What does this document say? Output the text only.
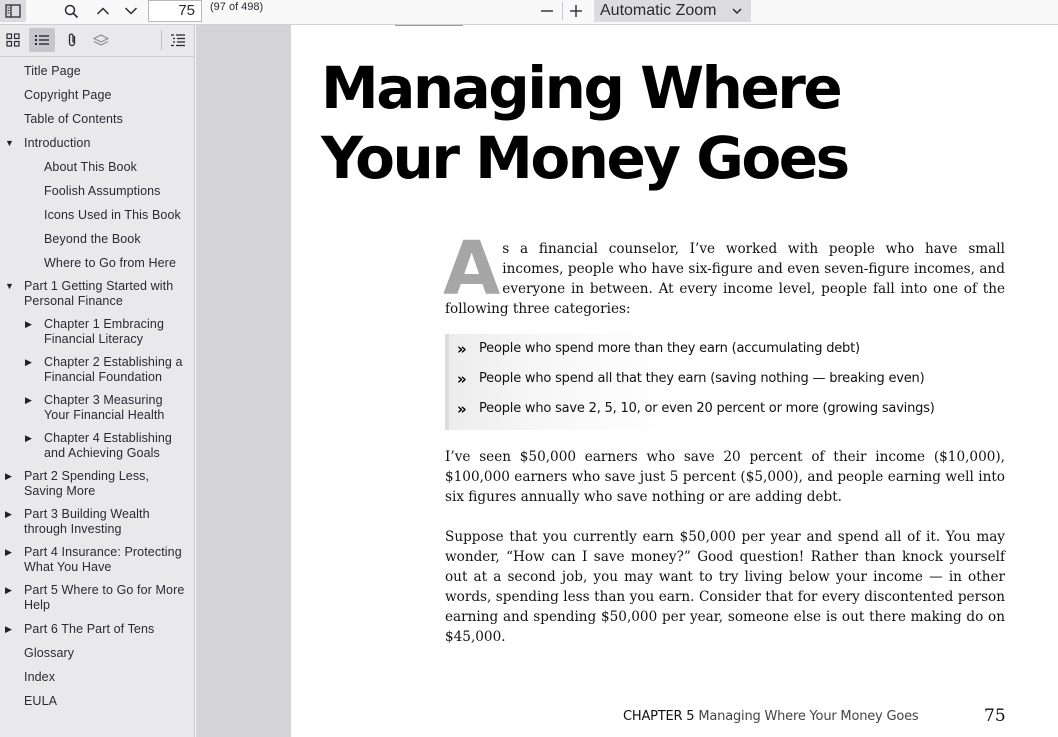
75	(97 of 498)	Automatic Zoom
Title Page
Copyright Page
Table of Contents
▼ Introduction
About This Book
Foolish Assumptions
Icons Used in This Book
Beyond the Book
Where to Go from Here
▼ Part 1 Getting Started with
Personal Finance
▶ Chapter 1 Embracing
Financial Literacy
▶ Chapter 2 Establishing a
Financial Foundation
▶ Chapter 3 Measuring
Your Financial Health
▶ Chapter 4 Establishing
and Achieving Goals
▶ Part 2 Spending Less,
Saving More
▶ Part 3 Building Wealth
through Investing
▶ Part 4 Insurance: Protecting
What You Have
▶ Part 5 Where to Go for More
Help
▶ Part 6 The Part of Tens
Glossary
Index
EULA
Managing Where
Your Money Goes

As a financial counselor, I’ve worked with people who have small incomes, people who have six-figure and even seven-figure incomes, and everyone in between. At every income level, people fall into one of the following three categories:

» People who spend more than they earn (accumulating debt)
» People who spend all that they earn (saving nothing — breaking even)
» People who save 2, 5, 10, or even 20 percent or more (growing savings)

I’ve seen $50,000 earners who save 20 percent of their income ($10,000), $100,000 earners who save just 5 percent ($5,000), and people earning well into six figures annually who save nothing or are adding debt.

Suppose that you currently earn $50,000 per year and spend all of it. You may wonder, “How can I save money?” Good question! Rather than knock yourself out at a second job, you may want to try living below your income — in other words, spending less than you earn. Consider that for every discontented person earning and spending $50,000 per year, someone else is out there making do on $45,000.

CHAPTER 5 Managing Where Your Money Goes	75
